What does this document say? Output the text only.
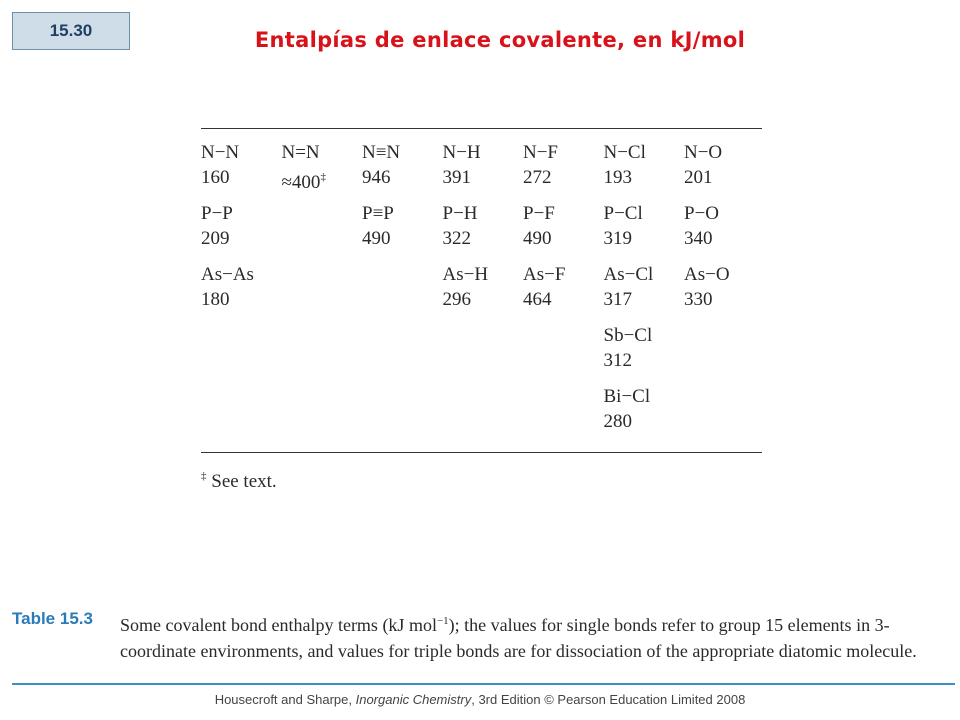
15.30	Entalpías de enlace covalente, en kJ/mol
N−N
160
N=N
≈400‡
N≡N
946
N−H
391
N−F
272
N−Cl
193
N−O
201
P−P
209
P≡P
490
P−H
322
P−F
490
P−Cl
319
P−O
340
As−As
180
As−H
296
As−F
464
As−Cl
317
As−O
330
Sb−Cl
312
Bi−Cl
280
‡ See text.
Table 15.3 Some covalent bond enthalpy terms (kJ mol$^{-1}$); the values for single bonds refer to group 15 elements in 3- coordinate environments, and values for triple bonds are for dissociation of the appropriate diatomic molecule.
Housecroft and Sharpe, Inorganic Chemistry, 3rd Edition © Pearson Education Limited 2008
